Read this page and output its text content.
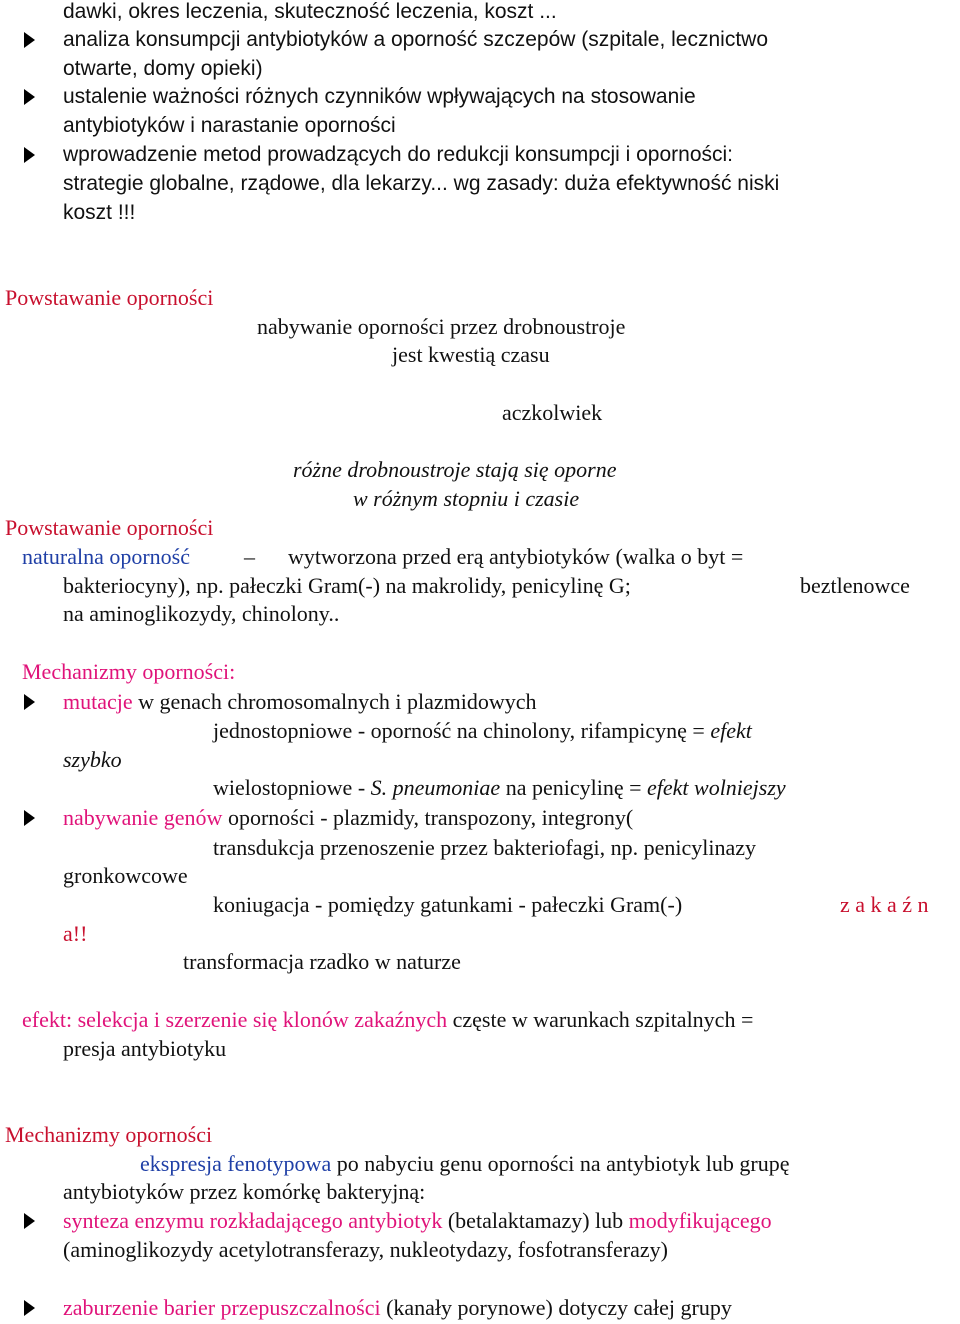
dawki, okres leczenia, skuteczność leczenia, koszt ...
analiza konsumpcji antybiotyków a oporność szczepów (szpitale, lecznictwo
otwarte, domy opieki)
ustalenie ważności różnych czynników wpływających na stosowanie
antybiotyków i narastanie oporności
wprowadzenie metod prowadzących do redukcji konsumpcji i oporności:
strategie globalne, rządowe, dla lekarzy... wg zasady: duża efektywność niski
koszt !!!
Powstawanie oporności
nabywanie oporności przez drobnoustroje
jest kwestią czasu
aczkolwiek
różne drobnoustroje stają się oporne
w różnym stopniu i czasie
Powstawanie oporności
naturalna oporność – wytworzona przed erą antybiotyków (walka o byt =
bakteriocyny), np. pałeczki Gram(-) na makrolidy, penicylinę G;	beztlenowce
na aminoglikozydy, chinolony..
Mechanizmy oporności:
mutacje w genach chromosomalnych i plazmidowych
jednostopniowe - oporność na chinolony, rifampicynę = efekt
szybko
wielostopniowe - S. pneumoniae na penicylinę = efekt wolniejszy
nabywanie genów oporności - plazmidy, transpozony, integrony(
transdukcja przenoszenie przez bakteriofagi, np. penicylinazy
gronkowcowe
koniugacja - pomiędzy gatunkami - pałeczki Gram(-)	z a k a ź n
a!!
transformacja rzadko w naturze
efekt: selekcja i szerzenie się klonów zakaźnych częste w warunkach szpitalnych =
presja antybiotyku
Mechanizmy oporności
ekspresja fenotypowa po nabyciu genu oporności na antybiotyk lub grupę
antybiotyków przez komórkę bakteryjną:
synteza enzymu rozkładającego antybiotyk (betalaktamazy) lub modyfikującego
(aminoglikozydy acetylotransferazy, nukleotydazy, fosfotransferazy)
zaburzenie barier przepuszczalności (kanały porynowe) dotyczy całej grupy
